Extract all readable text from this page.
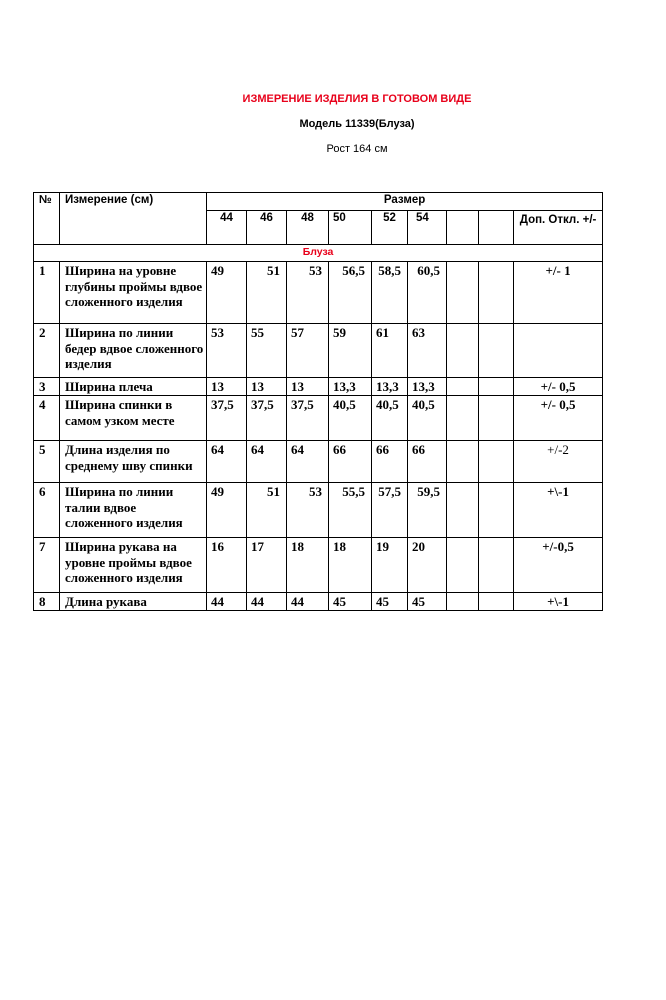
ИЗМЕРЕНИЕ ИЗДЕЛИЯ В ГОТОВОМ ВИДЕ
Модель 11339(Блуза)
Рост 164 см
№	Измерение (см)	Размер								
		44	46	48	50	52	54			Доп. Откл. +/-
Блуза										
1	Ширина на уровне глубины проймы вдвое сложенного изделия	49	51	53	56,5	58,5	60,5			+/- 1
2	Ширина по линии бедер вдвое сложенного изделия	53	55	57	59	61	63			
3	Ширина плеча	13	13	13	13,3	13,3	13,3			+/- 0,5
4	Ширина спинки в самом узком месте	37,5	37,5	37,5	40,5	40,5	40,5			+/- 0,5
5	Длина изделия по среднему шву спинки	64	64	64	66	66	66			+/-2
6	Ширина по линии талии вдвое сложенного изделия	49	51	53	55,5	57,5	59,5			+\-1
7	Ширина рукава на уровне проймы вдвое сложенного изделия	16	17	18	18	19	20			+/-0,5
8	Длина рукава	44	44	44	45	45	45			+\-1
